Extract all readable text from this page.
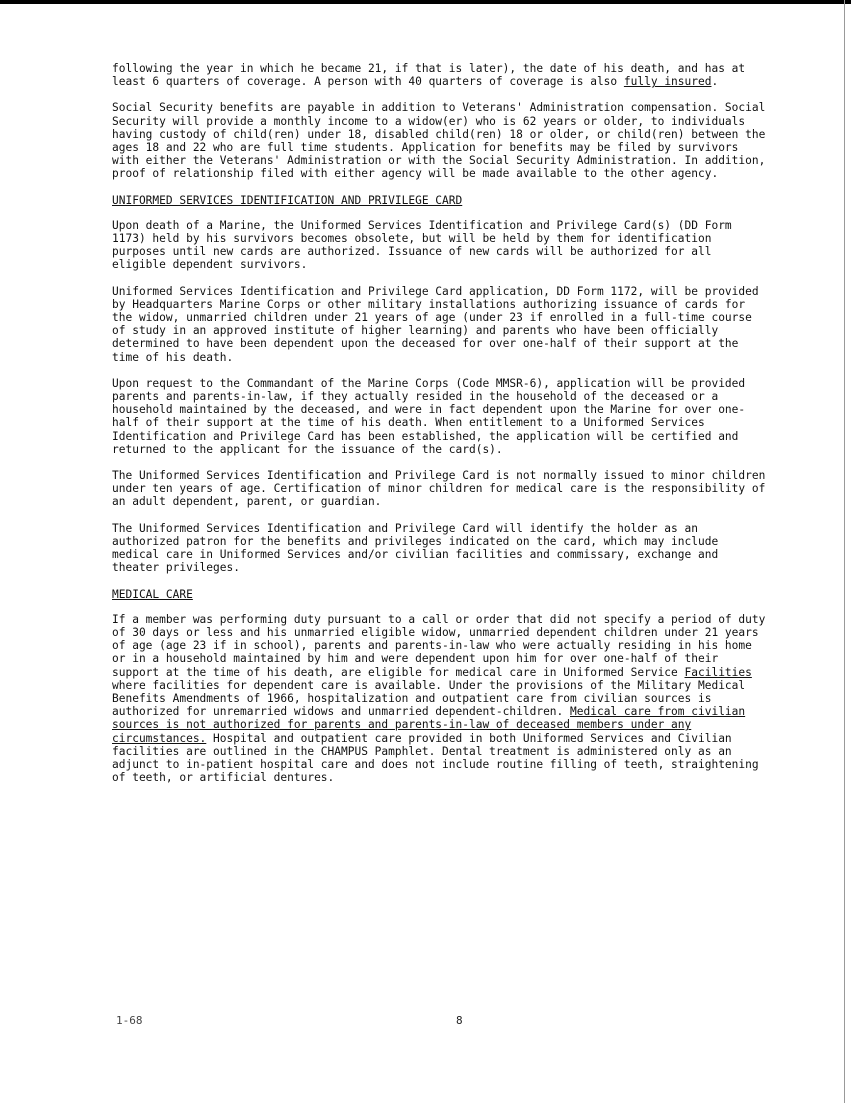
following the year in which he became 21, if that is later), the date of his death, and has at least 6 quarters of coverage. A person with 40 quarters of coverage is also fully insured.

Social Security benefits are payable in addition to Veterans' Administration compensation. Social Security will provide a monthly income to a widow(er) who is 62 years or older, to individuals having custody of child(ren) under 18, disabled child(ren) 18 or older, or child(ren) between the ages 18 and 22 who are full time students. Application for benefits may be filed by survivors with either the Veterans' Administration or with the Social Security Administration. In addition, proof of relationship filed with either agency will be made available to the other agency.

UNIFORMED SERVICES IDENTIFICATION AND PRIVILEGE CARD

Upon death of a Marine, the Uniformed Services Identification and Privilege Card(s) (DD Form 1173) held by his survivors becomes obsolete, but will be held by them for identification purposes until new cards are authorized. Issuance of new cards will be authorized for all eligible dependent survivors.

Uniformed Services Identification and Privilege Card application, DD Form 1172, will be provided by Headquarters Marine Corps or other military installations authorizing issuance of cards for the widow, unmarried children under 21 years of age (under 23 if enrolled in a full-time course of study in an approved institute of higher learning) and parents who have been officially determined to have been dependent upon the deceased for over one-half of their support at the time of his death.

Upon request to the Commandant of the Marine Corps (Code MMSR-6), application will be provided parents and parents-in-law, if they actually resided in the household of the deceased or a household maintained by the deceased, and were in fact dependent upon the Marine for over one-half of their support at the time of his death. When entitlement to a Uniformed Services Identification and Privilege Card has been established, the application will be certified and returned to the applicant for the issuance of the card(s).

The Uniformed Services Identification and Privilege Card is not normally issued to minor children under ten years of age. Certification of minor children for medical care is the responsibility of an adult dependent, parent, or guardian.

The Uniformed Services Identification and Privilege Card will identify the holder as an authorized patron for the benefits and privileges indicated on the card, which may include medical care in Uniformed Services and/or civilian facilities and commissary, exchange and theater privileges.

MEDICAL CARE

If a member was performing duty pursuant to a call or order that did not specify a period of duty of 30 days or less and his unmarried eligible widow, unmarried dependent children under 21 years of age (age 23 if in school), parents and parents-in-law who were actually residing in his home or in a household maintained by him and were dependent upon him for over one-half of their support at the time of his death, are eligible for medical care in Uniformed Service Facilities where facilities for dependent care is available. Under the provisions of the Military Medical Benefits Amendments of 1966, hospitalization and outpatient care from civilian sources is authorized for unremarried widows and unmarried dependent-children. Medical care from civilian sources is not authorized for parents and parents-in-law of deceased members under any circumstances. Hospital and outpatient care provided in both Uniformed Services and Civilian facilities are outlined in the CHAMPUS Pamphlet. Dental treatment is administered only as an adjunct to in-patient hospital care and does not include routine filling of teeth, straightening of teeth, or artificial dentures.

1-68	8
